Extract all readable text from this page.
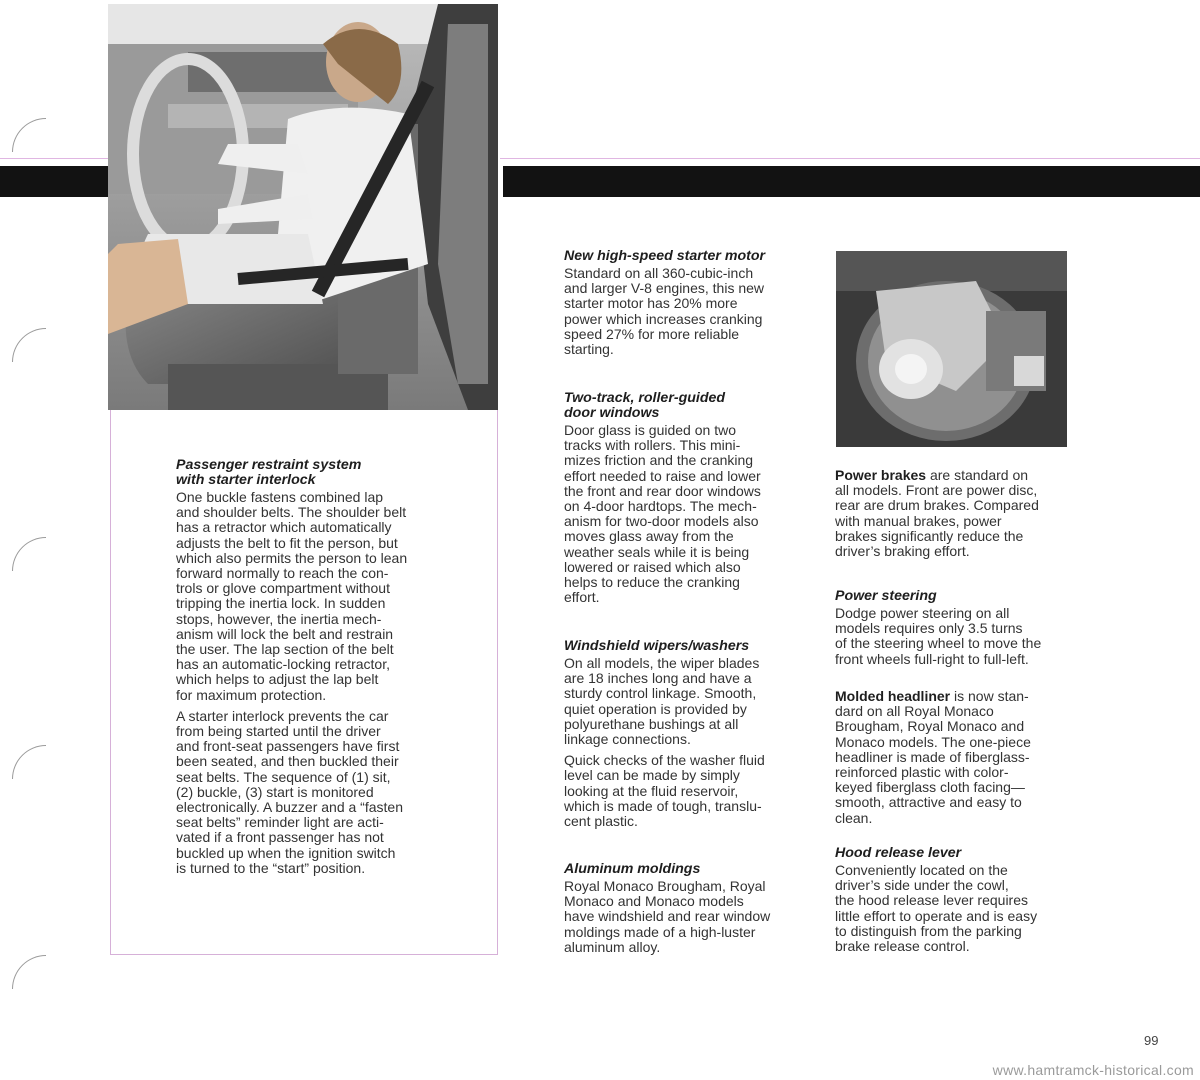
Passenger restraint system
with starter interlock

One buckle fastens combined lap
and shoulder belts. The shoulder belt
has a retractor which automatically
adjusts the belt to fit the person, but
which also permits the person to lean
forward normally to reach the con-
trols or glove compartment without
tripping the inertia lock. In sudden
stops, however, the inertia mech-
anism will lock the belt and restrain
the user. The lap section of the belt
has an automatic-locking retractor,
which helps to adjust the lap belt
for maximum protection.

A starter interlock prevents the car
from being started until the driver
and front-seat passengers have first
been seated, and then buckled their
seat belts. The sequence of (1) sit,
(2) buckle, (3) start is monitored
electronically. A buzzer and a “fasten
seat belts” reminder light are acti-
vated if a front passenger has not
buckled up when the ignition switch
is turned to the “start” position.

New high-speed starter motor

Standard on all 360-cubic-inch
and larger V-8 engines, this new
starter motor has 20% more
power which increases cranking
speed 27% for more reliable
starting.

Two-track, roller-guided
door windows

Door glass is guided on two
tracks with rollers. This mini-
mizes friction and the cranking
effort needed to raise and lower
the front and rear door windows
on 4-door hardtops. The mech-
anism for two-door models also
moves glass away from the
weather seals while it is being
lowered or raised which also
helps to reduce the cranking
effort.

Windshield wipers/washers

On all models, the wiper blades
are 18 inches long and have a
sturdy control linkage. Smooth,
quiet operation is provided by
polyurethane bushings at all
linkage connections.

Quick checks of the washer fluid
level can be made by simply
looking at the fluid reservoir,
which is made of tough, translu-
cent plastic.

Aluminum moldings

Royal Monaco Brougham, Royal
Monaco and Monaco models
have windshield and rear window
moldings made of a high-luster
aluminum alloy.

Power brakes are standard on
all models. Front are power disc,
rear are drum brakes. Compared
with manual brakes, power
brakes significantly reduce the
driver’s braking effort.

Power steering

Dodge power steering on all
models requires only 3.5 turns
of the steering wheel to move the
front wheels full-right to full-left.

Molded headliner is now stan-
dard on all Royal Monaco
Brougham, Royal Monaco and
Monaco models. The one-piece
headliner is made of fiberglass-
reinforced plastic with color-
keyed fiberglass cloth facing—
smooth, attractive and easy to
clean.

Hood release lever

Conveniently located on the
driver’s side under the cowl,
the hood release lever requires
little effort to operate and is easy
to distinguish from the parking
brake release control.

99
www.hamtramck-historical.com
